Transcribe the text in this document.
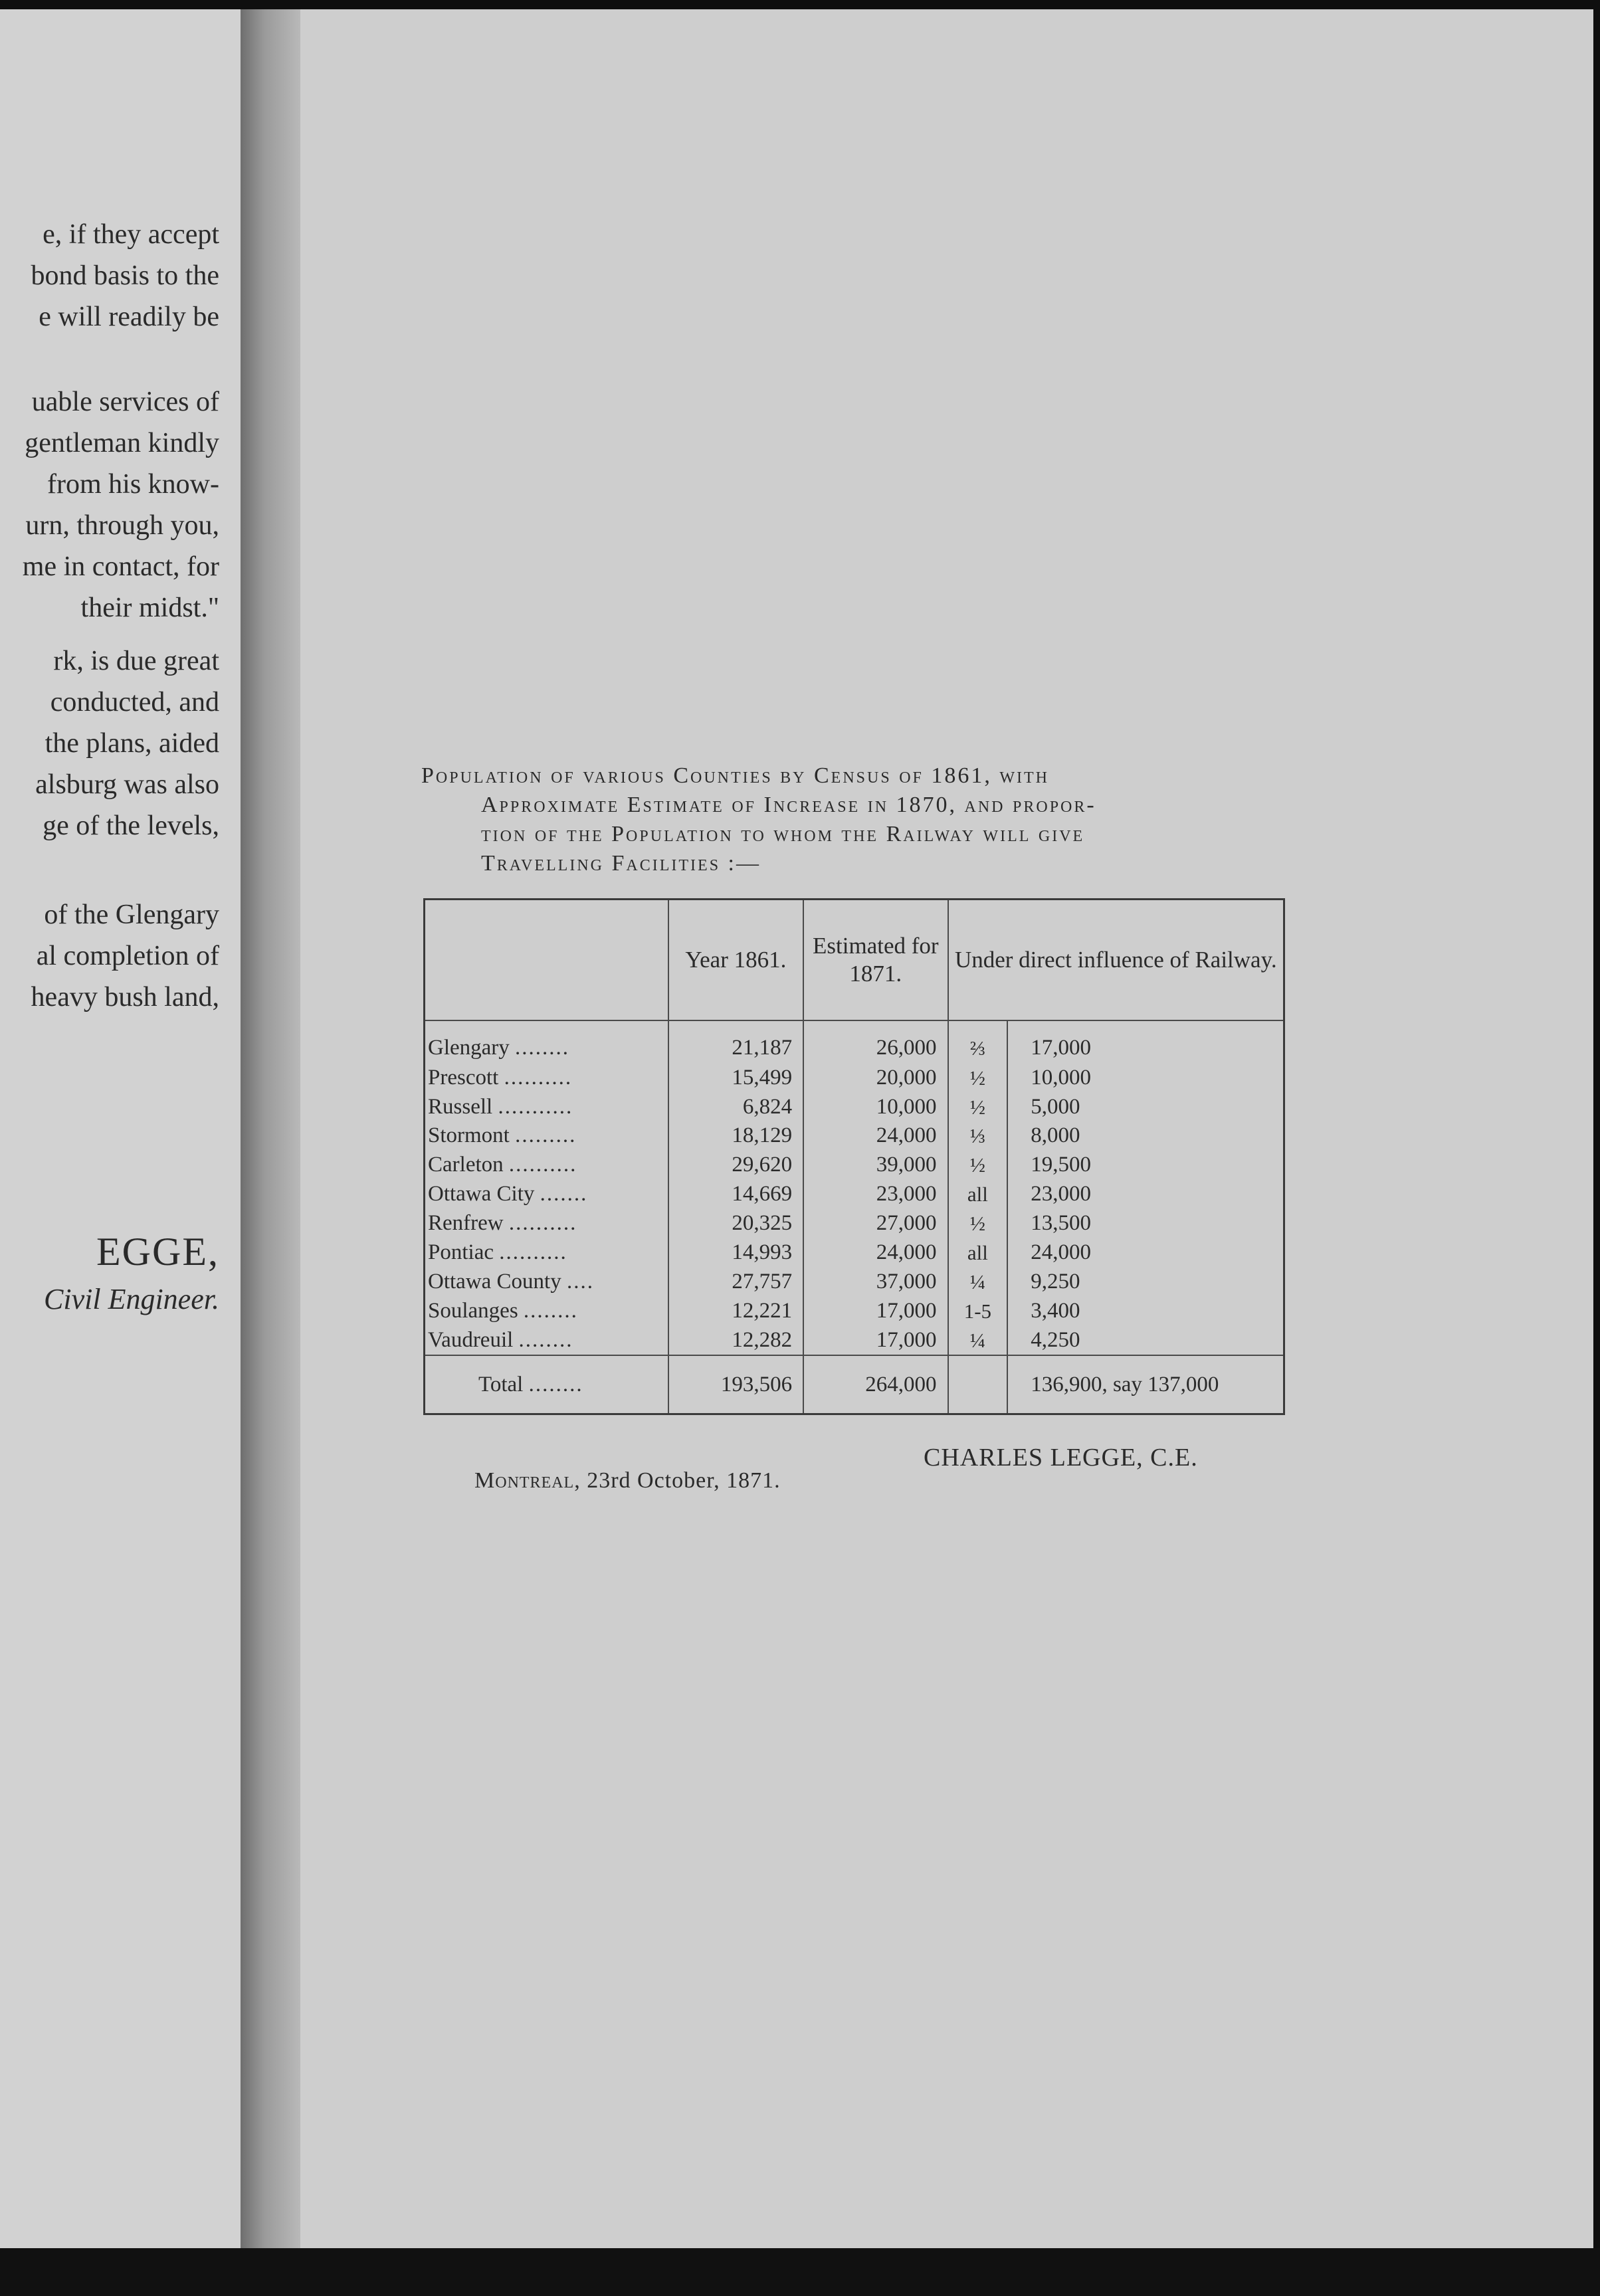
e, if they accept
bond basis to the
e will readily be
uable services of
gentleman kindly
from his know-
urn, through you,
me in contact, for
their midst."
rk, is due great
conducted, and
the plans, aided
alsburg was also
ge of the levels,
of the Glengary
al completion of
heavy bush land,
EGGE,
Civil Engineer.
Population of various Counties by Census of 1861, with
Approximate Estimate of Increase in 1870, and propor-
tion of the Population to whom the Railway will give
Travelling Facilities :—
	Year 1861.	Estimated for 1871.	Under direct influence of Railway.	
Glengary ........	21,187	26,000	⅔	17,000
Prescott ..........	15,499	20,000	½	10,000
Russell ...........	6,824	10,000	½	5,000
Stormont .........	18,129	24,000	⅓	8,000
Carleton ..........	29,620	39,000	½	19,500
Ottawa City .......	14,669	23,000	all	23,000
Renfrew ..........	20,325	27,000	½	13,500
Pontiac ..........	14,993	24,000	all	24,000
Ottawa County ....	27,757	37,000	¼	9,250
Soulanges ........	12,221	17,000	1-5	3,400
Vaudreuil ........	12,282	17,000	¼	4,250
Total ........	193,506	264,000		136,900, say 137,000
CHARLES LEGGE, C.E.
Montreal, 23rd October, 1871.
